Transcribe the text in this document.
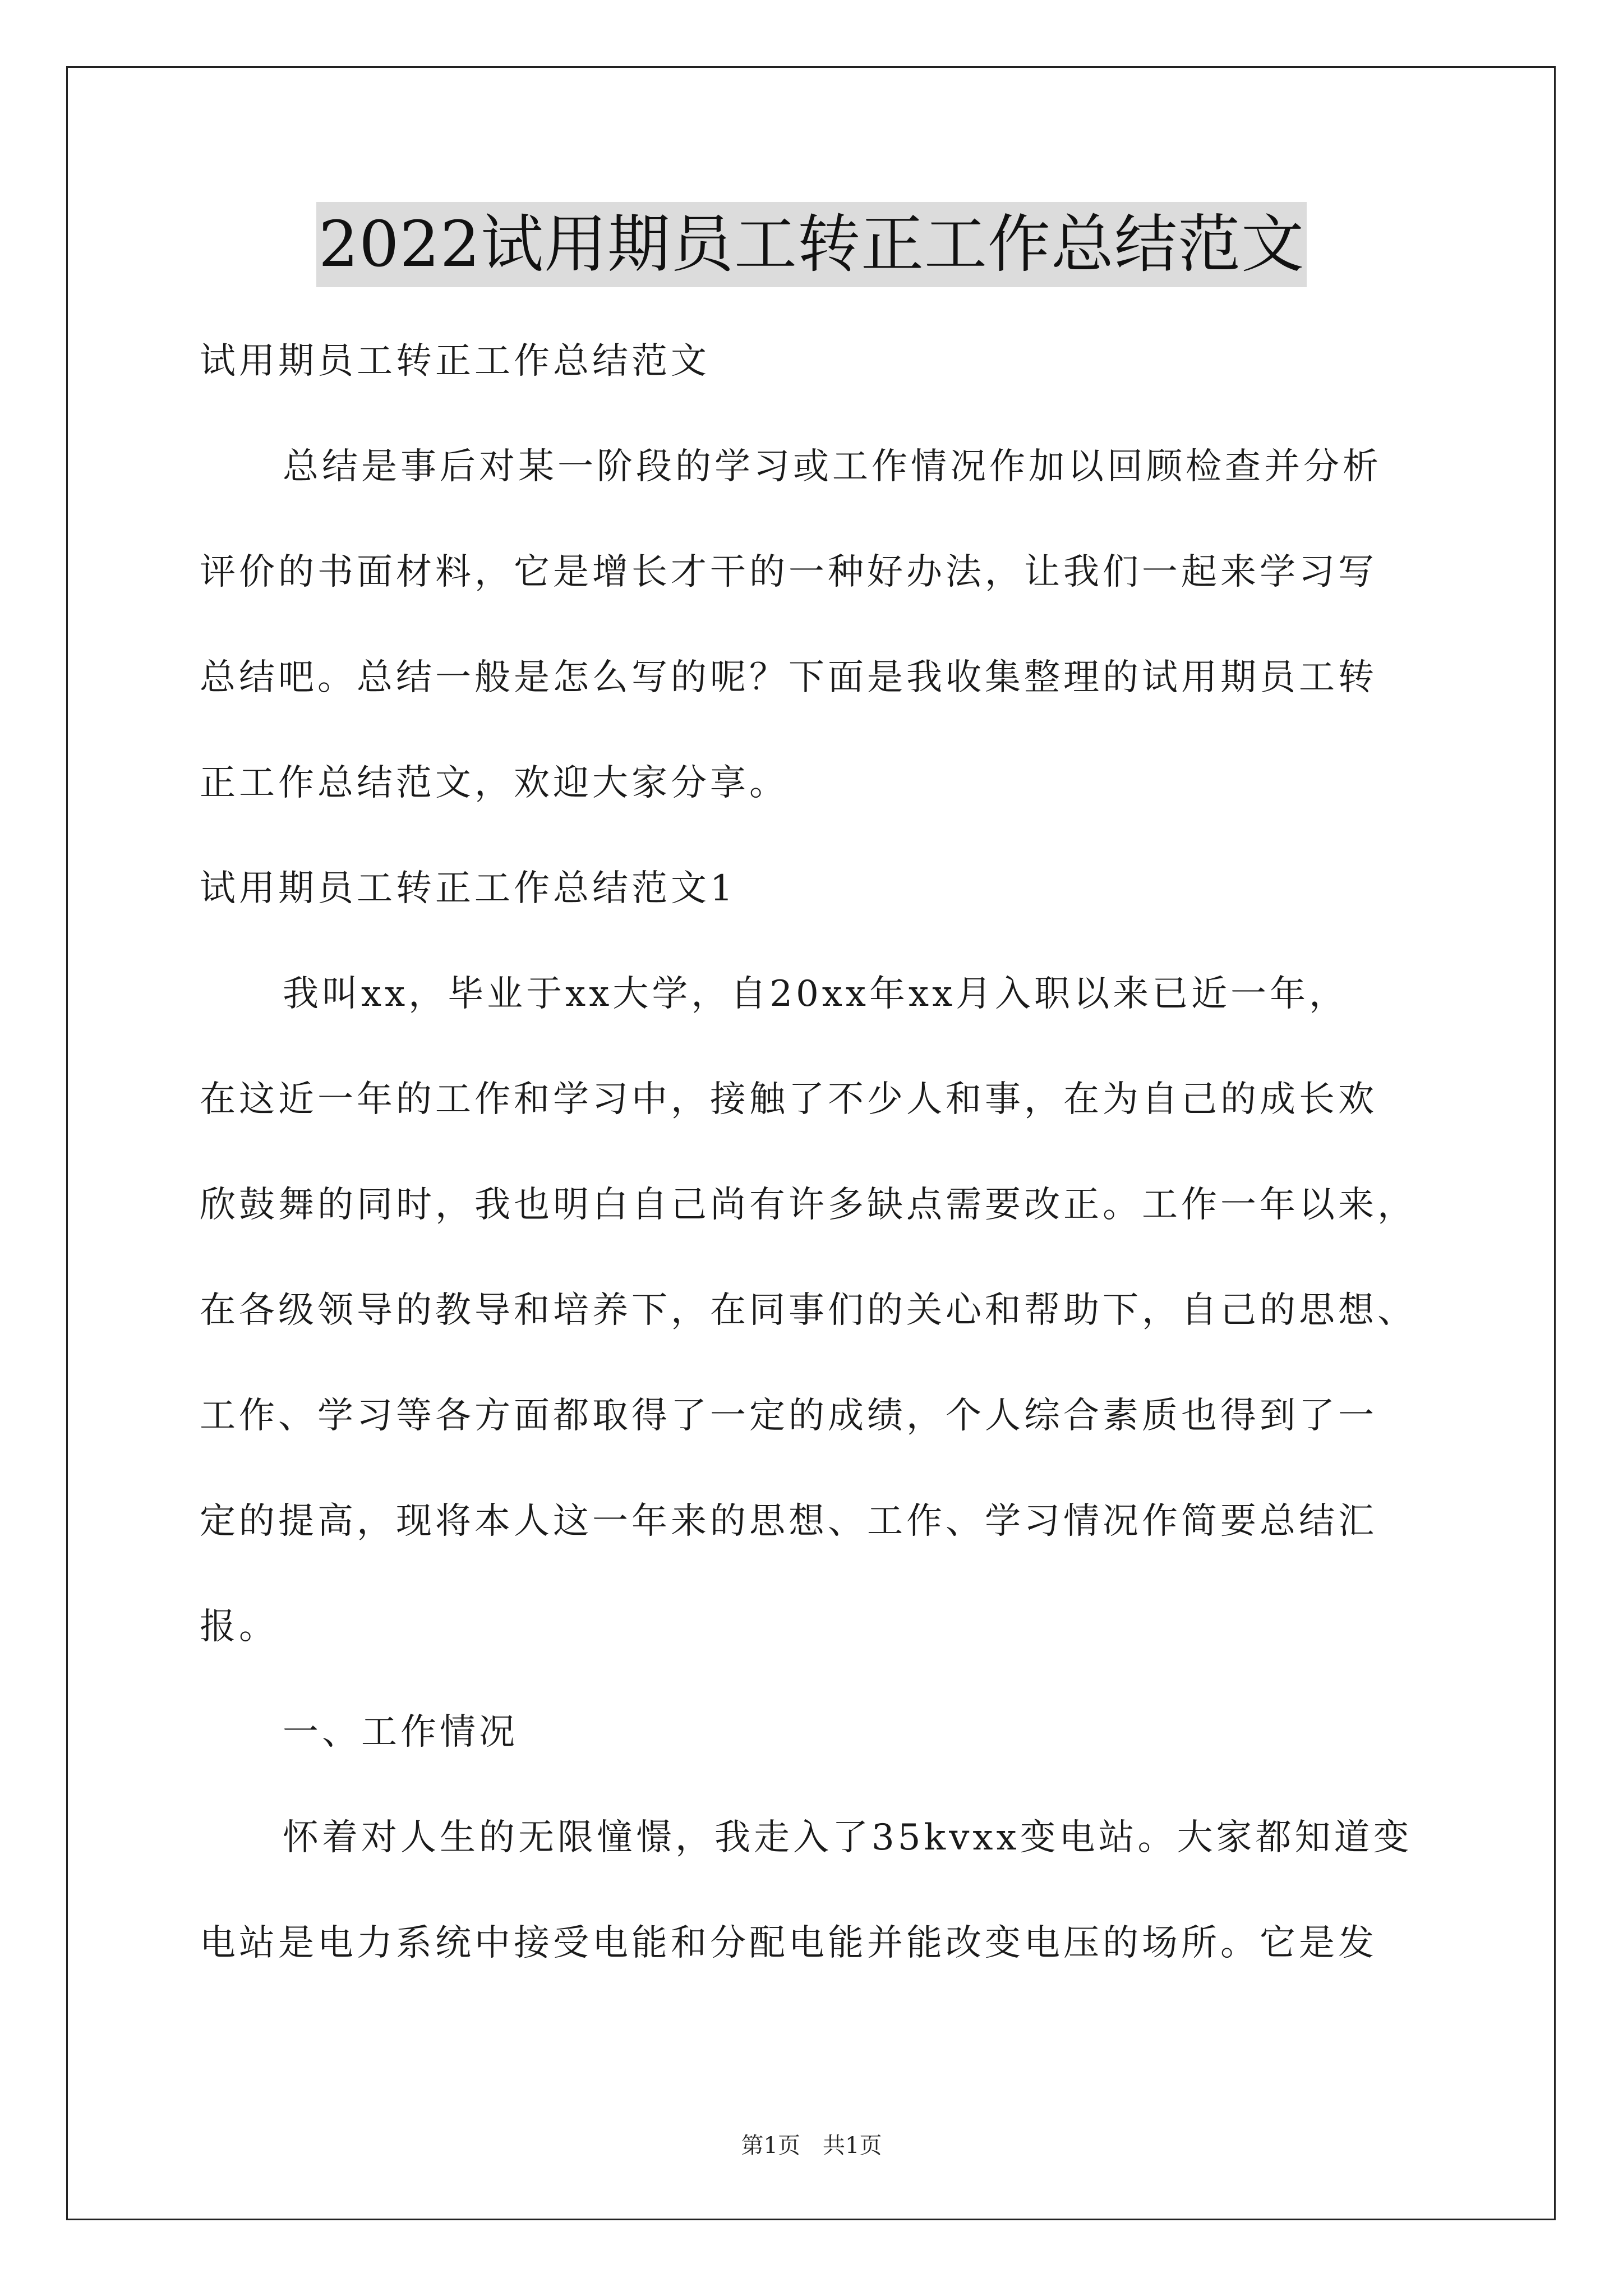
2022试用期员工转正工作总结范文
试用期员工转正工作总结范文
总结是事后对某一阶段的学习或工作情况作加以回顾检查并分析
评价的书面材料，它是增长才干的一种好办法，让我们一起来学习写
总结吧。总结一般是怎么写的呢？下面是我收集整理的试用期员工转
正工作总结范文，欢迎大家分享。
试用期员工转正工作总结范文1
我叫xx，毕业于xx大学，自20xx年xx月入职以来已近一年，
在这近一年的工作和学习中，接触了不少人和事，在为自己的成长欢
欣鼓舞的同时，我也明白自己尚有许多缺点需要改正。工作一年以来，
在各级领导的教导和培养下，在同事们的关心和帮助下，自己的思想、
工作、学习等各方面都取得了一定的成绩，个人综合素质也得到了一
定的提高，现将本人这一年来的思想、工作、学习情况作简要总结汇
报。
一、工作情况
怀着对人生的无限憧憬，我走入了35kvxx变电站。大家都知道变
电站是电力系统中接受电能和分配电能并能改变电压的场所。它是发
第1页　共1页
